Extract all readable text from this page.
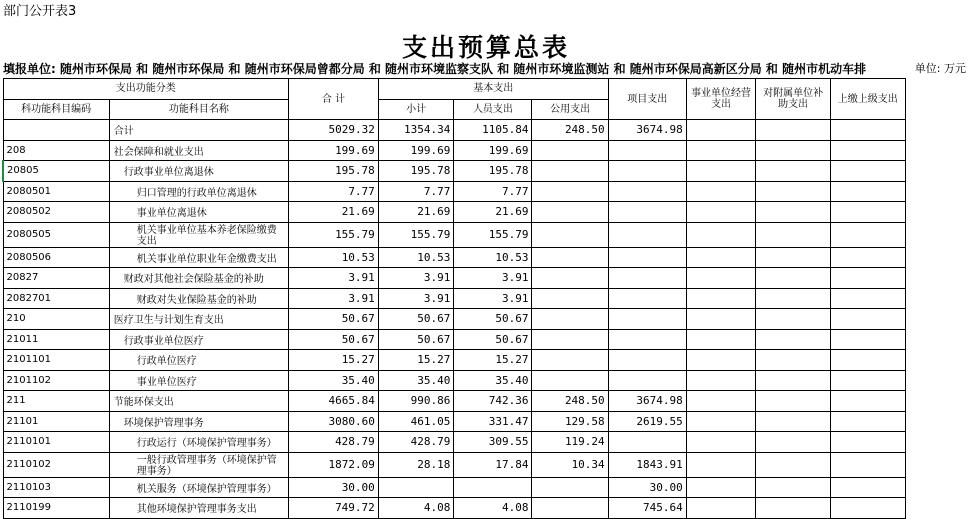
部门公开表3
支出预算总表
填报单位: 随州市环保局 和 随州市环保局 和 随州市环保局曾都分局 和 随州市环境监察支队 和 随州市环境监测站 和 随州市环保局高新区分局 和 随州市机动车排	单位: 万元
支出功能分类		合 计	基本支出			项目支出	事业单位经营支出	对附属单位补助支出	上缴上级支出
科功能科目编码	功能科目名称		小计	人员支出	公用支出				
	合计	5029.32	1354.34	1105.84	248.50	3674.98			
208	社会保障和就业支出	199.69	199.69	199.69					
20805	行政事业单位离退休	195.78	195.78	195.78					
2080501	归口管理的行政单位离退休	7.77	7.77	7.77					
2080502	事业单位离退休	21.69	21.69	21.69					
2080505	机关事业单位基本养老保险缴费支出	155.79	155.79	155.79					
2080506	机关事业单位职业年金缴费支出	10.53	10.53	10.53					
20827	财政对其他社会保险基金的补助	3.91	3.91	3.91					
2082701	财政对失业保险基金的补助	3.91	3.91	3.91					
210	医疗卫生与计划生育支出	50.67	50.67	50.67					
21011	行政事业单位医疗	50.67	50.67	50.67					
2101101	行政单位医疗	15.27	15.27	15.27					
2101102	事业单位医疗	35.40	35.40	35.40					
211	节能环保支出	4665.84	990.86	742.36	248.50	3674.98			
21101	环境保护管理事务	3080.60	461.05	331.47	129.58	2619.55			
2110101	行政运行（环境保护管理事务）	428.79	428.79	309.55	119.24				
2110102	一般行政管理事务（环境保护管理事务）	1872.09	28.18	17.84	10.34	1843.91			
2110103	机关服务（环境保护管理事务）	30.00				30.00			
2110199	其他环境保护管理事务支出	749.72	4.08	4.08		745.64			
